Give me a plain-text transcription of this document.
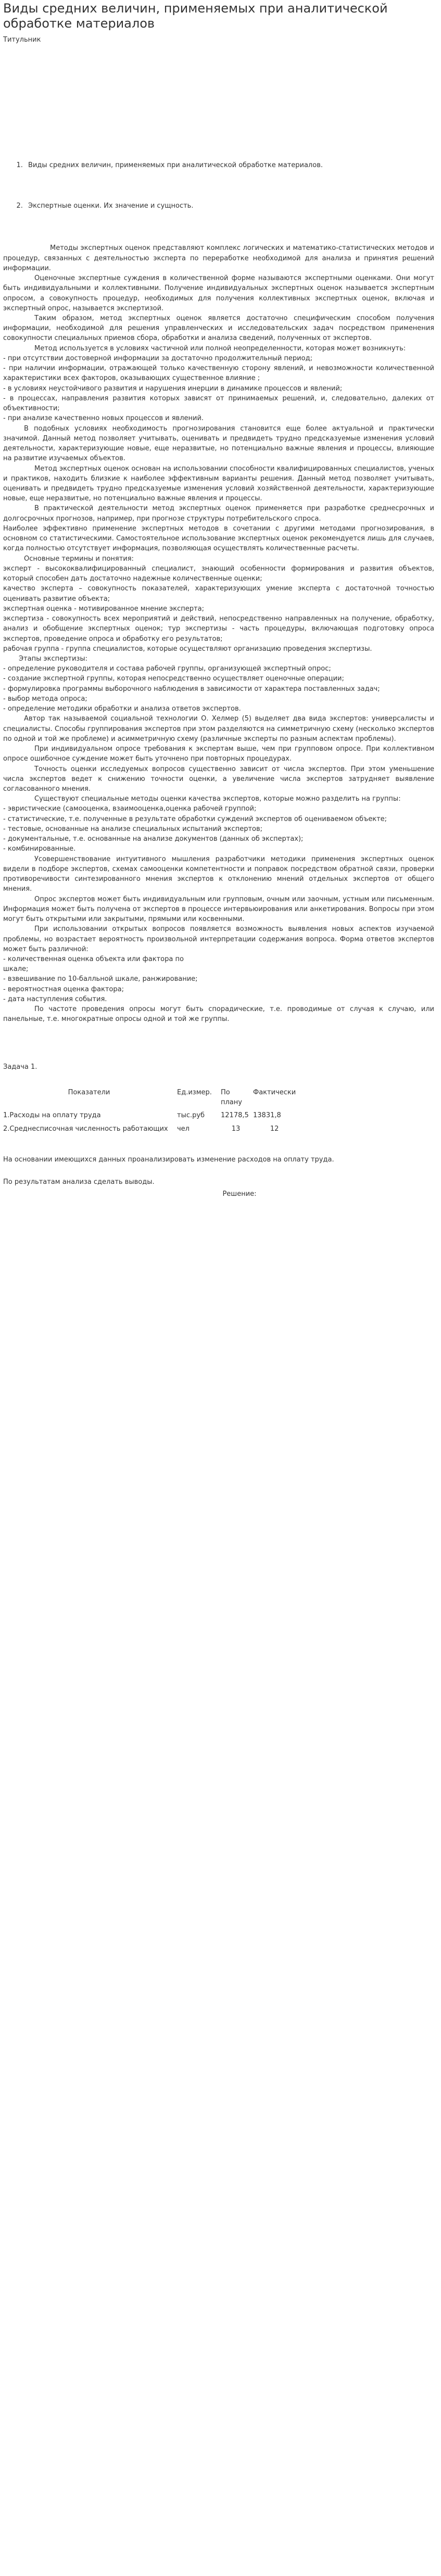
Виды средних величин, применяемых при аналитической обработке материалов

Титульник

1. Виды средних величин, применяемых при аналитической обработке материалов.
2. Экспертные оценки. Их значение и сущность.

Методы экспертных оценок представляют комплекс логических и математико-статистических методов и процедур, связанных с деятельностью эксперта по переработке необходимой для анализа и принятия решений информации.

Оценочные экспертные суждения в количественной форме называются экспертными оценками. Они могут быть индивидуальными и коллективными. Получение индивидуальных экспертных оценок называется экспертным опросом, а совокупность процедур, необходимых для получения коллективных экспертных оценок, включая и экспертный опрос, называется экспертизой.

Таким образом, метод экспертных оценок является достаточно специфическим способом получения информации, необходимой для решения управленческих и исследовательских задач посредством применения совокупности специальных приемов сбора, обработки и анализа сведений, полученных от экспертов.

Метод используется в условиях частичной или полной неопределенности, которая может возникнуть:

- при отсутствии достоверной информации за достаточно продолжительный период;

- при наличии информации, отражающей только качественную сторону явлений, и невозможности количественной характеристики всех факторов, оказывающих существенное влияние ;

- в условиях неустойчивого развития и нарушения инерции в динамике процессов и явлений;

- в процессах, направления развития которых зависят от принимаемых решений, и, следовательно, далеких от объективности;

- при анализе качественно новых процессов и явлений.

В подобных условиях необходимость прогнозирования становится еще более актуальной и практически значимой. Данный метод позволяет учитывать, оценивать и предвидеть трудно предсказуемые изменения условий деятельности, характеризующие новые, еще неразвитые, но потенциально важные явления и процессы, влияющие на развитие изучаемых объектов.

Метод экспертных оценок основан на использовании способности квалифицированных специалистов, ученых и практиков, находить близкие к наиболее эффективным варианты решения. Данный метод позволяет учитывать, оценивать и предвидеть трудно предсказуемые изменения условий хозяйственной деятельности, характеризующие новые, еще неразвитые, но потенциально важные явления и процессы.

В практической деятельности метод экспертных оценок применяется при разработке среднесрочных и долгосрочных прогнозов, например, при прогнозе структуры потребительского спроса.

Наиболее эффективно применение экспертных методов в сочетании с другими методами прогнозирования, в основном со статистическими. Самостоятельное использование экспертных оценок рекомендуется лишь для случаев, когда полностью отсутствует информация, позволяющая осуществлять количественные расчеты.

Основные термины и понятия:

эксперт - высококвалифицированный специалист, знающий особенности формирования и развития объектов, который способен дать достаточно надежные количественные оценки;

качество эксперта – совокупность показателей, характеризующих умение эксперта с достаточной точностью оценивать развитие объекта;

экспертная оценка - мотивированное мнение эксперта;

экспертиза - совокупность всех мероприятий и действий, непосредственно направленных на получение, обработку, анализ и обобщение экспертных оценок; тур экспертизы - часть процедуры, включающая подготовку опроса экспертов, проведение опроса и обработку его результатов;

рабочая группа - группа специалистов, которые осуществляют организацию проведения экспертизы.

Этапы экспертизы:

- определение руководителя и состава рабочей группы, организующей экспертный опрос;

- создание экспертной группы, которая непосредственно осуществляет оценочные операции;

- формулировка программы выборочного наблюдения в зависимости от характера поставленных задач;

- выбор метода опроса;

- определение методики обработки и анализа ответов экспертов.

Автор так называемой социальной технологии О. Хелмер (5) выделяет два вида экспертов: универсалисты и специалисты. Способы группирования экспертов при этом разделяются на симметричную схему (несколько экспертов по одной и той же проблеме) и асимметричную схему (различные эксперты по разным аспектам проблемы).

При индивидуальном опросе требования к экспертам выше, чем при групповом опросе. При коллективном опросе ошибочное суждение может быть уточнено при повторных процедурах.

Точность оценки исследуемых вопросов существенно зависит от числа экспертов. При этом уменьшение числа экспертов ведет к снижению точности оценки, а увеличение числа экспертов затрудняет выявление согласованного мнения.

Существуют специальные методы оценки качества экспертов, которые можно разделить на группы:

- эвристические (самооценка, взаимооценка,оценка рабочей группой;

- статистические, т.е. полученные в результате обработки суждений экспертов об оцениваемом объекте;

- тестовые, основанные на анализе специальных испытаний экспертов;

- документальные, т.е. основанные на анализе документов (данных об экспертах);

- комбинированные.

Усовершенствование интуитивного мышления разработчики методики применения экспертных оценок видели в подборе экспертов, схемах самооценки компетентности и поправок посредством обратной связи, проверки противоречивости синтезированного мнения экспертов к отклонению мнений отдельных экспертов от общего мнения.

Опрос экспертов может быть индивидуальным или групповым, очным или заочным, устным или письменным. Информация может быть получена от экспертов в процессе интервьюирования или анкетирования. Вопросы при этом могут быть открытыми или закрытыми, прямыми или косвенными.

При использовании открытых вопросов появляется возможность выявления новых аспектов изучаемой проблемы, но возрастает вероятность произвольной интерпретации содержания вопроса. Форма ответов экспертов может быть различной:

- количественная оценка объекта или фактора по

шкале;

- взвешивание по 10-балльной шкале, ранжирование;

- вероятностная оценка фактора;

- дата наступления события.

По частоте проведения опросы могут быть спорадические, т.е. проводимые от случая к случаю, или панельные, т.е. многократные опросы одной и той же группы.

Задача 1.

Показатели	Ед.измер.	По плану	Фактически
1.Расходы на оплату труда	тыс.руб	12178,5	13831,8
2.Среднесписочная численность работающих	чел	13	12

На основании имеющихся данных проанализировать изменение расходов на оплату труда.

По результатам анализа сделать выводы.

Решение:
